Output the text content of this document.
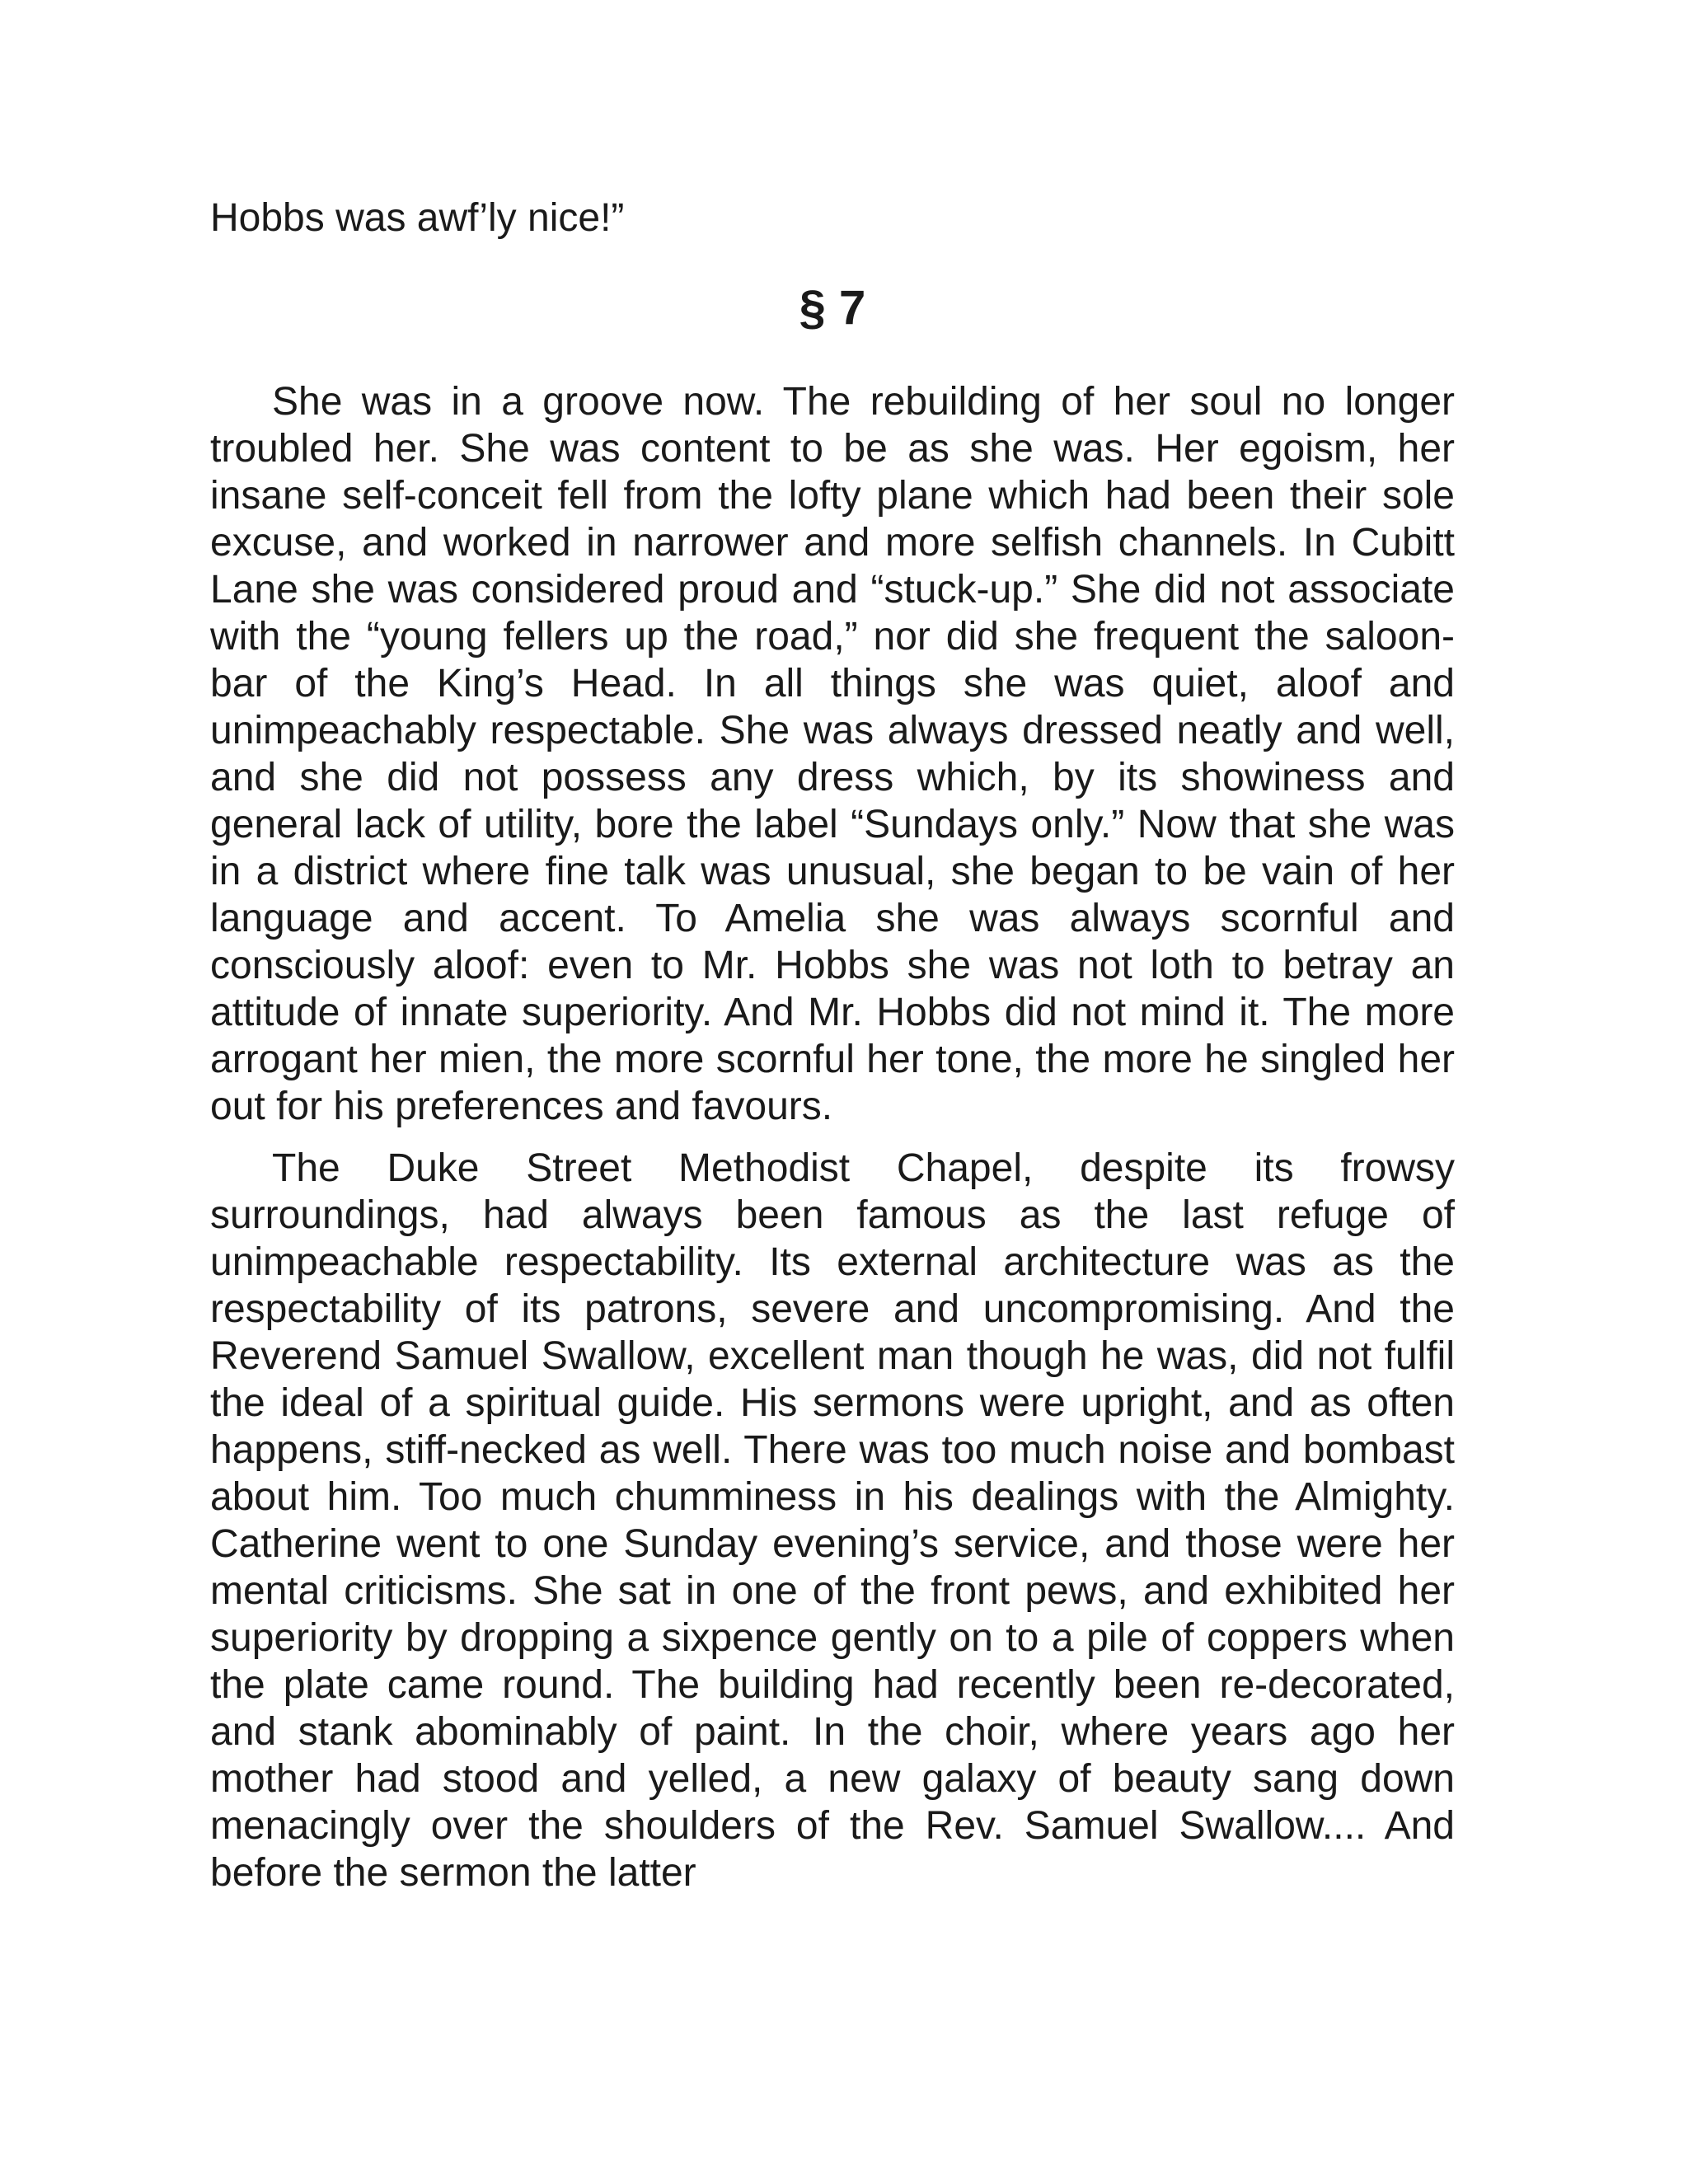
Hobbs was awf’ly nice!”

§ 7

She was in a groove now. The rebuilding of her soul no longer troubled her. She was content to be as she was. Her egoism, her insane self-conceit fell from the lofty plane which had been their sole excuse, and worked in narrower and more selfish channels. In Cubitt Lane she was considered proud and “stuck-up.” She did not associate with the “young fellers up the road,” nor did she frequent the saloon-bar of the King’s Head. In all things she was quiet, aloof and unimpeachably respectable. She was always dressed neatly and well, and she did not possess any dress which, by its showiness and general lack of utility, bore the label “Sundays only.” Now that she was in a district where fine talk was unusual, she began to be vain of her language and accent. To Amelia she was always scornful and consciously aloof: even to Mr. Hobbs she was not loth to betray an attitude of innate superiority. And Mr. Hobbs did not mind it. The more arrogant her mien, the more scornful her tone, the more he singled her out for his preferences and favours.

The Duke Street Methodist Chapel, despite its frowsy surroundings, had always been famous as the last refuge of unimpeachable respectability. Its external architecture was as the respectability of its patrons, severe and uncompromising. And the Reverend Samuel Swallow, excellent man though he was, did not fulfil the ideal of a spiritual guide. His sermons were upright, and as often happens, stiff-necked as well. There was too much noise and bombast about him. Too much chumminess in his dealings with the Almighty. Catherine went to one Sunday evening’s service, and those were her mental criticisms. She sat in one of the front pews, and exhibited her superiority by dropping a sixpence gently on to a pile of coppers when the plate came round. The building had recently been re-decorated, and stank abominably of paint. In the choir, where years ago her mother had stood and yelled, a new galaxy of beauty sang down menacingly over the shoulders of the Rev. Samuel Swallow.... And before the sermon the latter
